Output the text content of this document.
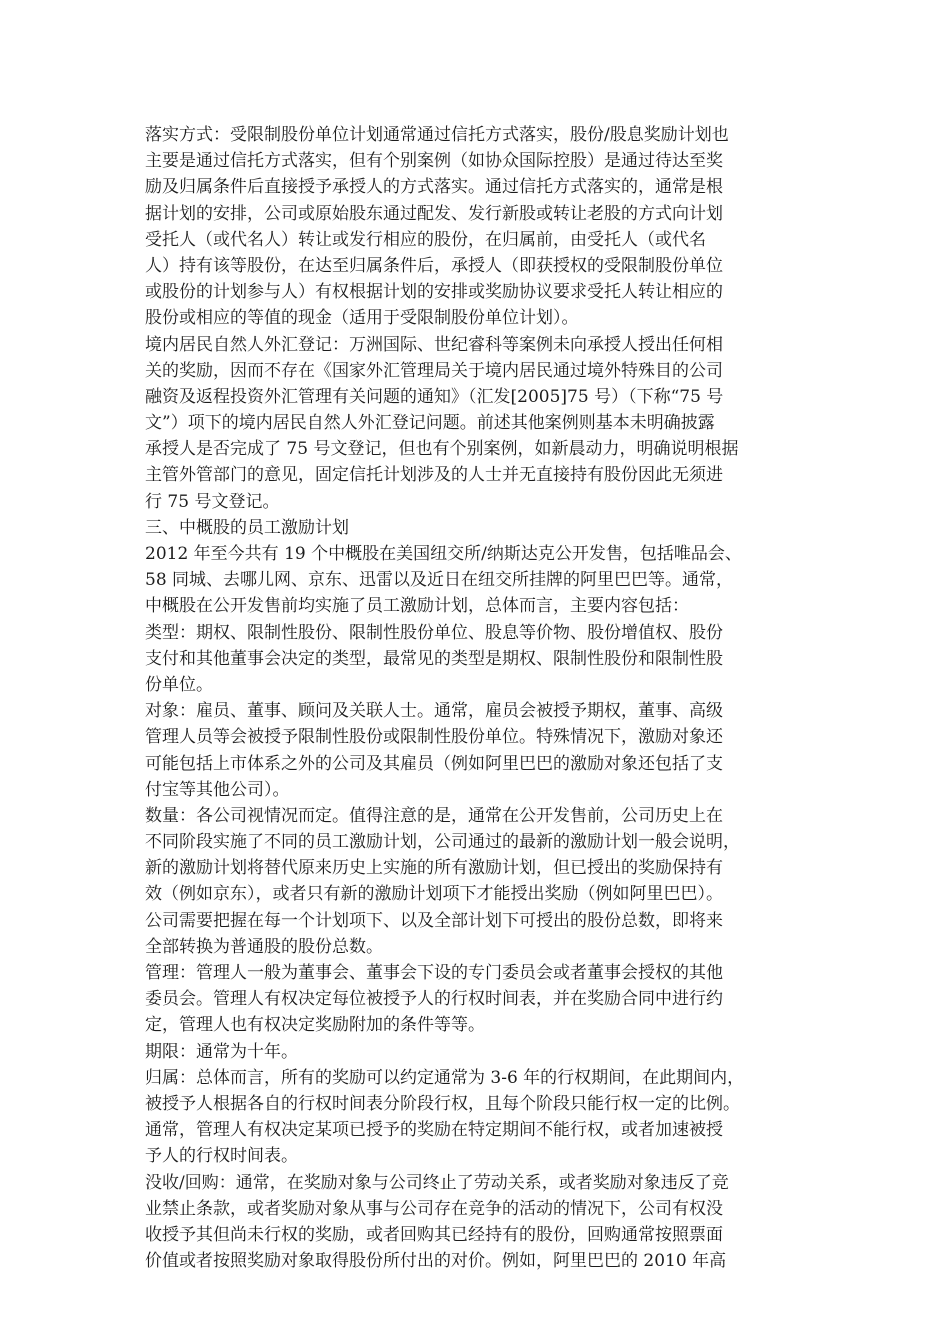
落实方式：受限制股份单位计划通常通过信托方式落实，股份/股息奖励计划也
主要是通过信托方式落实，但有个别案例（如协众国际控股）是通过待达至奖
励及归属条件后直接授予承授人的方式落实。通过信托方式落实的，通常是根
据计划的安排，公司或原始股东通过配发、发行新股或转让老股的方式向计划
受托人（或代名人）转让或发行相应的股份，在归属前，由受托人（或代名
人）持有该等股份，在达至归属条件后，承授人（即获授权的受限制股份单位
或股份的计划参与人）有权根据计划的安排或奖励协议要求受托人转让相应的
股份或相应的等值的现金（适用于受限制股份单位计划）。
境内居民自然人外汇登记：万洲国际、世纪睿科等案例未向承授人授出任何相
关的奖励，因而不存在《国家外汇管理局关于境内居民通过境外特殊目的公司
融资及返程投资外汇管理有关问题的通知》（汇发[2005]75 号）（下称“75 号
文”）项下的境内居民自然人外汇登记问题。前述其他案例则基本未明确披露
承授人是否完成了 75 号文登记，但也有个别案例，如新晨动力，明确说明根据
主管外管部门的意见，固定信托计划涉及的人士并无直接持有股份因此无须进
行 75 号文登记。
三、中概股的员工激励计划
2012 年至今共有 19 个中概股在美国纽交所/纳斯达克公开发售，包括唯品会、
58 同城、去哪儿网、京东、迅雷以及近日在纽交所挂牌的阿里巴巴等。通常，
中概股在公开发售前均实施了员工激励计划，总体而言，主要内容包括：
类型：期权、限制性股份、限制性股份单位、股息等价物、股份增值权、股份
支付和其他董事会决定的类型，最常见的类型是期权、限制性股份和限制性股
份单位。
对象：雇员、董事、顾问及关联人士。通常，雇员会被授予期权，董事、高级
管理人员等会被授予限制性股份或限制性股份单位。特殊情况下，激励对象还
可能包括上市体系之外的公司及其雇员（例如阿里巴巴的激励对象还包括了支
付宝等其他公司）。
数量：各公司视情况而定。值得注意的是，通常在公开发售前，公司历史上在
不同阶段实施了不同的员工激励计划，公司通过的最新的激励计划一般会说明，
新的激励计划将替代原来历史上实施的所有激励计划，但已授出的奖励保持有
效（例如京东），或者只有新的激励计划项下才能授出奖励（例如阿里巴巴）。
公司需要把握在每一个计划项下、以及全部计划下可授出的股份总数，即将来
全部转换为普通股的股份总数。
管理：管理人一般为董事会、董事会下设的专门委员会或者董事会授权的其他
委员会。管理人有权决定每位被授予人的行权时间表，并在奖励合同中进行约
定，管理人也有权决定奖励附加的条件等等。
期限：通常为十年。
归属：总体而言，所有的奖励可以约定通常为 3-6 年的行权期间，在此期间内，
被授予人根据各自的行权时间表分阶段行权，且每个阶段只能行权一定的比例。
通常，管理人有权决定某项已授予的奖励在特定期间不能行权，或者加速被授
予人的行权时间表。
没收/回购：通常，在奖励对象与公司终止了劳动关系，或者奖励对象违反了竞
业禁止条款，或者奖励对象从事与公司存在竞争的活动的情况下，公司有权没
收授予其但尚未行权的奖励，或者回购其已经持有的股份，回购通常按照票面
价值或者按照奖励对象取得股份所付出的对价。例如，阿里巴巴的 2010 年高
